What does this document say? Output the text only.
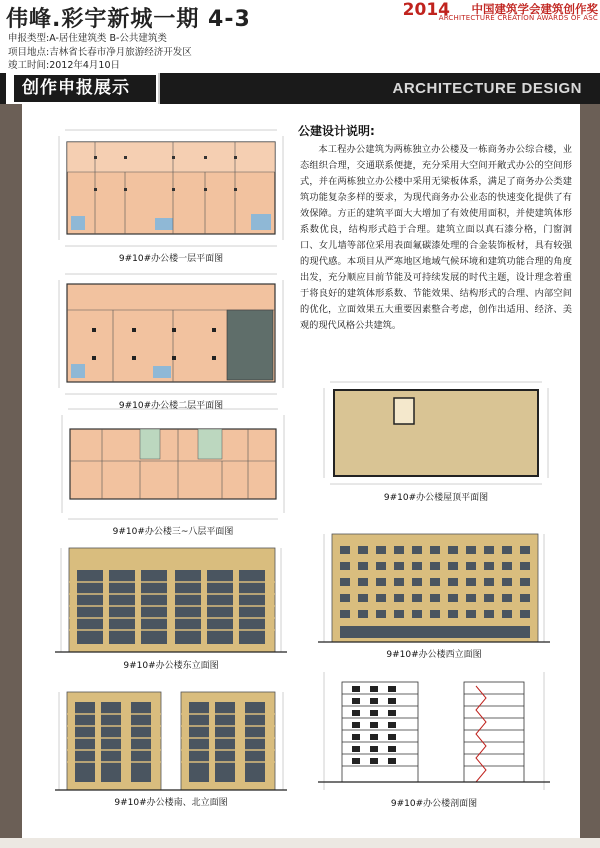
伟峰.彩宇新城一期 4-3
申报类型:A-居住建筑类 B-公共建筑类
项目地点:吉林省长春市净月旅游经济开发区
竣工时间:2012年4月10日
2014 中国建筑学会建筑创作奖
ARCHITECTURE CREATION AWARDS OF ASC
创作申报展示	ARCHITECTURE DESIGN
公建设计说明:
本工程办公建筑为两栋独立办公楼及一栋商务办公综合楼，业态组织合理，交通联系便捷，充分采用大空间开敞式办公的空间形式，并在两栋独立办公楼中采用无梁板体系，满足了商务办公类建筑功能复杂多样的要求，为现代商务办公业态的快速变化提供了有效保障。方正的建筑平面大大增加了有效使用面积，并使建筑体形系数优良，结构形式趋于合理。建筑立面以真石漆分格，门窗洞口、女儿墙等部位采用表面氟碳漆处理的合金装饰板材，具有较强的现代感。本项目从严寒地区地域气候环境和建筑功能合理的角度出发，充分顺应目前节能及可持续发展的时代主题，设计理念着重于将良好的建筑体形系数、节能效果、结构形式的合理、内部空间的优化，立面效果五大重要因素整合考虑，创作出适用、经济、美观的现代风格公共建筑。
9#10#办公楼一层平面图
9#10#办公楼二层平面图
9#10#办公楼三~八层平面图
9#10#办公楼屋顶平面图
9#10#办公楼东立面图
9#10#办公楼西立面图
9#10#办公楼南、北立面图	9#10#办公楼剖面图
